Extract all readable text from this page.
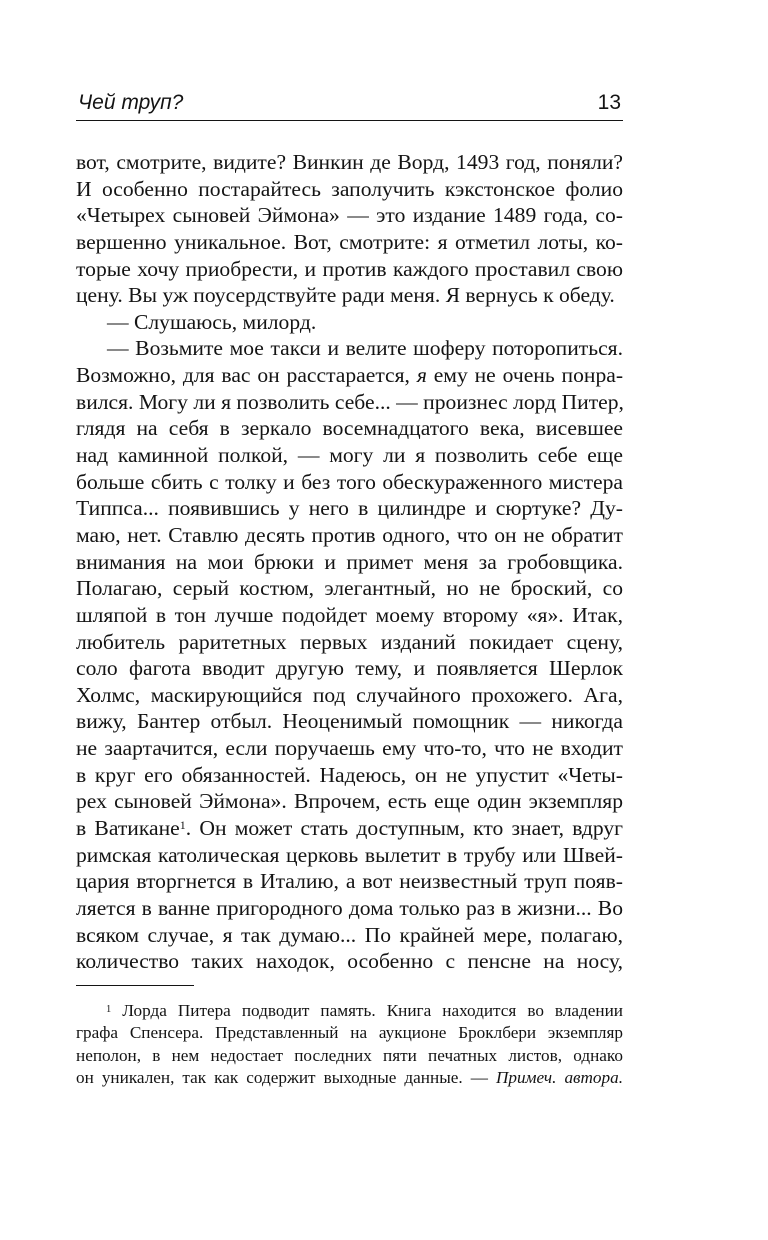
Чей труп?	13
вот, смотрите, видите? Винкин де Ворд, 1493 год, поняли?
И особенно постарайтесь заполучить кэкстонское фолио
«Четырех сыновей Эймона» — это издание 1489 года, со-
вершенно уникальное. Вот, смотрите: я отметил лоты, ко-
торые хочу приобрести, и против каждого проставил свою
цену. Вы уж поусердствуйте ради меня. Я вернусь к обеду.
— Слушаюсь, милорд.
— Возьмите мое такси и велите шоферу поторопиться.
Возможно, для вас он расстарается, я ему не очень понра-
вился. Могу ли я позволить себе... — произнес лорд Питер,
глядя на себя в зеркало восемнадцатого века, висевшее
над каминной полкой, — могу ли я позволить себе еще
больше сбить с толку и без того обескураженного мистера
Типпса... появившись у него в цилиндре и сюртуке? Ду-
маю, нет. Ставлю десять против одного, что он не обратит
внимания на мои брюки и примет меня за гробовщика.
Полагаю, серый костюм, элегантный, но не броский, со
шляпой в тон лучше подойдет моему второму «я». Итак,
любитель раритетных первых изданий покидает сцену,
соло фагота вводит другую тему, и появляется Шерлок
Холмс, маскирующийся под случайного прохожего. Ага,
вижу, Бантер отбыл. Неоценимый помощник — никогда
не заартачится, если поручаешь ему что-то, что не входит
в круг его обязанностей. Надеюсь, он не упустит «Четы-
рех сыновей Эймона». Впрочем, есть еще один экземпляр
в Ватикане$^1$. Он может стать доступным, кто знает, вдруг
римская католическая церковь вылетит в трубу или Швей-
цария вторгнется в Италию, а вот неизвестный труп появ-
ляется в ванне пригородного дома только раз в жизни... Во
всяком случае, я так думаю... По крайней мере, полагаю,
количество таких находок, особенно с пенсне на носу,
$^1$ Лорда Питера подводит память. Книга находится во владении
графа Спенсера. Представленный на аукционе Броклбери экземпляр
неполон, в нем недостает последних пяти печатных листов, однако
он уникален, так как содержит выходные данные. — Примеч. автора.
